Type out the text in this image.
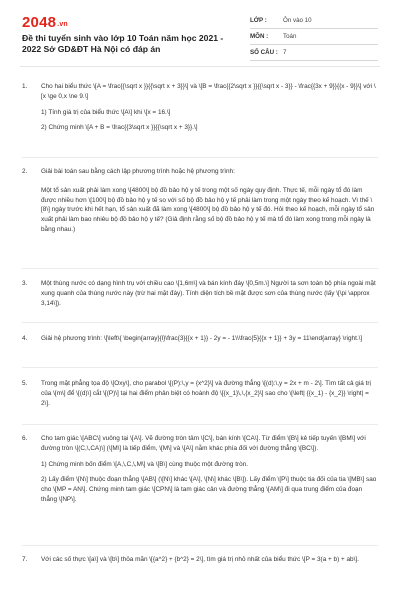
2048.vn
Đề thi tuyển sinh vào lớp 10 Toán năm học 2021 - 2022 Sở GD&ĐT Hà Nội có đáp án
LỚP :	Ôn vào 10
MÔN :	Toán
SỐ CÂU : 7
1. Cho hai biểu thức \[A = \frac{{\sqrt x }}{{\sqrt x + 3}}\] và \[B = \frac{{2\sqrt x }}{{\sqrt x - 3}} - \frac{{3x + 9}}{{x - 9}}\] với \[x \ge 0,x \ne 9.\]

1) Tính giá trị của biểu thức \[A\] khi \[x = 16.\]

2) Chứng minh \[A + B = \frac{{3\sqrt x }}{{\sqrt x + 3}}.\]

2. Giải bài toán sau bằng cách lập phương trình hoặc hệ phương trình:

Một tổ sản xuất phải làm xong \[4800\] bộ đồ bảo hộ y tế trong một số ngày quy định. Thực tế, mỗi ngày tổ đó làm được nhiều hơn \[100\] bộ đồ bảo hộ y tế so với số bộ đồ bảo hộ y tế phải làm trong một ngày theo kế hoạch. Vì thế \[8\] ngày trước khi hết hạn, tổ sản xuất đã làm xong \[4800\] bộ đồ bảo hộ y tế đó. Hỏi theo kế hoạch, mỗi ngày tổ sản xuất phải làm bao nhiêu bộ đồ bảo hộ y tế? (Giả định rằng số bộ đồ bảo hộ y tế mà tổ đó làm xong trong mỗi ngày là bằng nhau.)

3. Một thùng nước có dạng hình trụ với chiều cao \[1,6m\] và bán kính đáy \[0,5m.\] Người ta sơn toàn bộ phía ngoài mặt xung quanh của thùng nước này (trừ hai mặt đáy). Tính diện tích bề mặt được sơn của thùng nước (lấy \[\pi \approx 3,14\]).

4. Giải hệ phương trình: \[\left\{ \begin{array}{l}\frac{3}{{x + 1}} - 2y = - 1\\\frac{5}{{x + 1}} + 3y = 11\end{array} \right.\]

5. Trong mặt phẳng tọa độ \[Oxy\], cho parabol \[(P):\,y = {x^2}\] và đường thẳng \[(d):\,y = 2x + m - 2\]. Tìm tất cả giá trị của \[m\] để \[(d)\] cắt \[(P)\] tại hai điểm phân biệt có hoành độ \[{x_1}\,\,{x_2}\] sao cho \[\left| {{x_1} - {x_2}} \right| = 2\].

6. Cho tam giác \[ABC\] vuông tại \[A\]. Vẽ đường tròn tâm \[C\], bán kính \[CA\]. Từ điểm \[B\] kẻ tiếp tuyến \[BM\] với đường tròn \[(C,\,CA)\] (\[M\] là tiếp điểm, \[M\] và \[A\] nằm khác phía đối với đường thẳng \[BC\]).

1) Chứng minh bốn điểm \[A,\,C,\,M\] và \[B\] cùng thuộc một đường tròn.

2) Lấy điểm \[N\] thuộc đoạn thẳng \[AB\] (\[N\] khác \[A\], \[N\] khác \[B\]). Lấy điểm \[P\] thuộc tia đối của tia \[MB\] sao cho \[MP = AN\]. Chứng minh tam giác \[CPN\] là tam giác cân và đường thẳng \[AM\] đi qua trung điểm của đoạn thẳng \[NP\].

7. Với các số thực \[a\] và \[b\] thỏa mãn \[{a^2} + {b^2} = 2\], tìm giá trị nhỏ nhất của biểu thức \[P = 3(a + b) + ab\].
